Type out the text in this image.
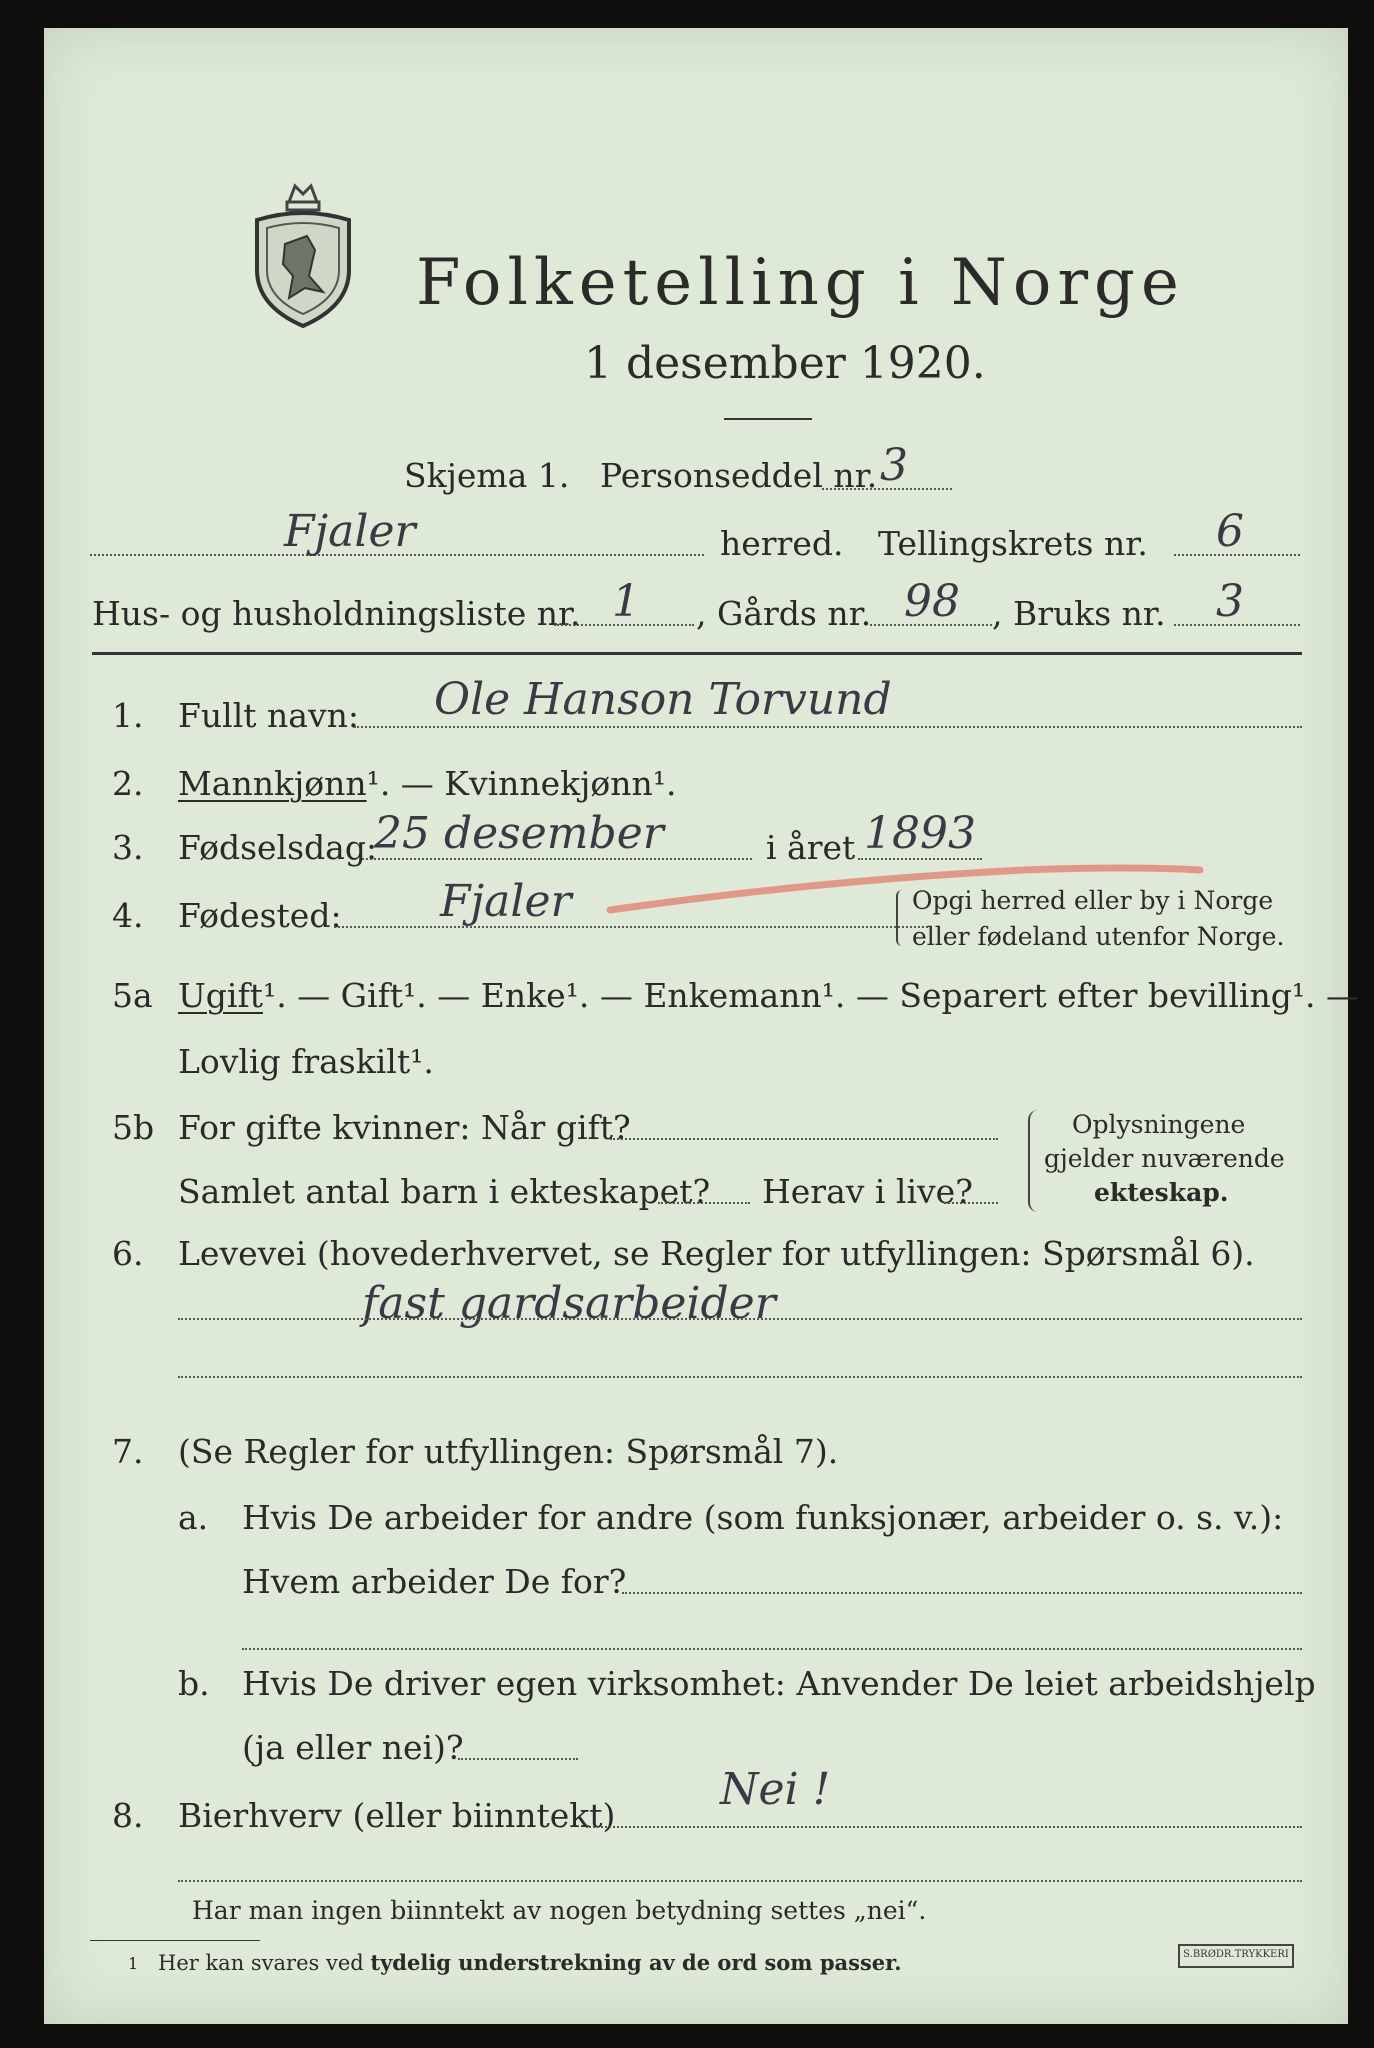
Folketelling i Norge
1 desember 1920.
Skjema 1. Personseddel nr. 3
Fjaler	herred. Tellingskrets nr. 6
Hus- og husholdningsliste nr. 1 , Gårds nr. 98 , Bruks nr. 3
1. Fullt navn: Ole Hanson Torvund
2. Mannkjønn¹. — Kvinnekjønn¹.
3. Fødselsdag:
25 desember	i året 1893
4. Fødested: Fjaler	Opgi herred eller by i Norge
eller fødeland utenfor Norge.
5a Ugift¹. — Gift¹. — Enke¹. — Enkemann¹. — Separert efter bevilling¹. —
Lovlig fraskilt¹.
5b For gifte kvinner: Når gift?
Samlet antal barn i ekteskapet? Herav i live?
Oplysningene
gjelder nuværende
ekteskap.
6. Levevei (hovederhvervet, se Regler for utfyllingen: Spørsmål 6).
fast gardsarbeider
7. (Se Regler for utfyllingen: Spørsmål 7).
a. Hvis De arbeider for andre (som funksjonær, arbeider o. s. v.):
Hvem arbeider De for?
b. Hvis De driver egen virksomhet: Anvender De leiet arbeidshjelp
(ja eller nei)?
8. Bierhverv (eller biinntekt)
Nei !
Har man ingen biinntekt av nogen betydning settes „nei“.
1 Her kan svares ved tydelig understrekning av de ord som passer.	S.BRØDR.TRYKKERI
